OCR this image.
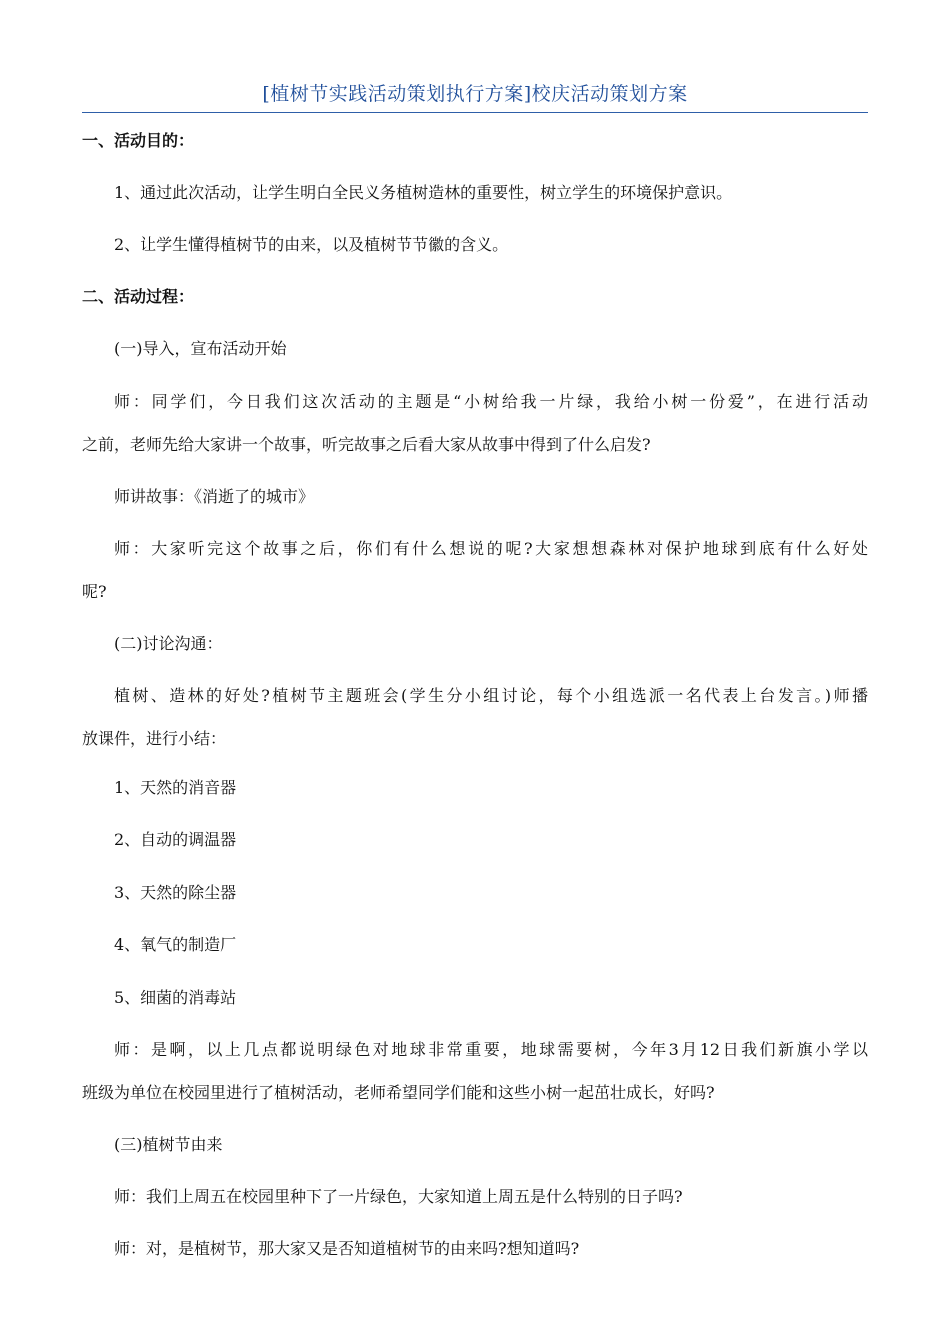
[植树节实践活动策划执行方案]校庆活动策划方案
一、活动目的：
1、通过此次活动，让学生明白全民义务植树造林的重要性，树立学生的环境保护意识。
2、让学生懂得植树节的由来，以及植树节节徽的含义。
二、活动过程：
(一)导入，宣布活动开始
师：同学们，今日我们这次活动的主题是“小树给我一片绿，我给小树一份爱”，在进行活动
之前，老师先给大家讲一个故事，听完故事之后看大家从故事中得到了什么启发?
师讲故事：《消逝了的城市》
师：大家听完这个故事之后，你们有什么想说的呢?大家想想森林对保护地球到底有什么好处
呢?
(二)讨论沟通：
植树、造林的好处?植树节主题班会(学生分小组讨论，每个小组选派一名代表上台发言。)师播
放课件，进行小结：
1、天然的消音器
2、自动的调温器
3、天然的除尘器
4、氧气的制造厂
5、细菌的消毒站
师：是啊，以上几点都说明绿色对地球非常重要，地球需要树，今年3月12日我们新旗小学以
班级为单位在校园里进行了植树活动，老师希望同学们能和这些小树一起茁壮成长，好吗?
(三)植树节由来
师：我们上周五在校园里种下了一片绿色，大家知道上周五是什么特别的日子吗?
师：对，是植树节，那大家又是否知道植树节的由来吗?想知道吗?
